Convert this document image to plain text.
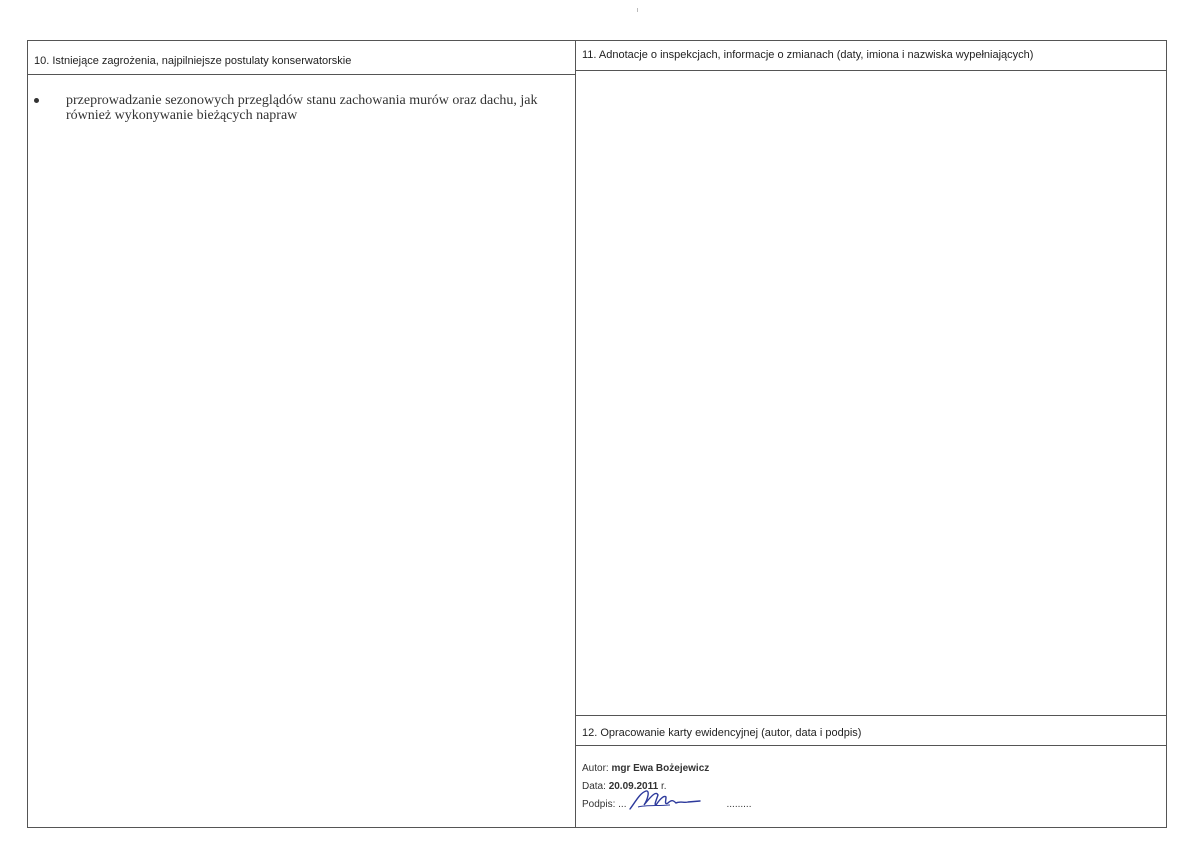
10. Istniejące zagrożenia, najpilniejsze postulaty konserwatorskie
przeprowadzanie sezonowych przeglądów stanu zachowania murów oraz dachu, jak również wykonywanie bieżących napraw
11. Adnotacje o inspekcjach, informacje o zmianach (daty, imiona i nazwiska wypełniających)
12. Opracowanie karty ewidencyjnej (autor, data i podpis)
Autor: mgr Ewa Bożejewicz
Data: 20.09.2011 r.
Podpis: ...	.........
